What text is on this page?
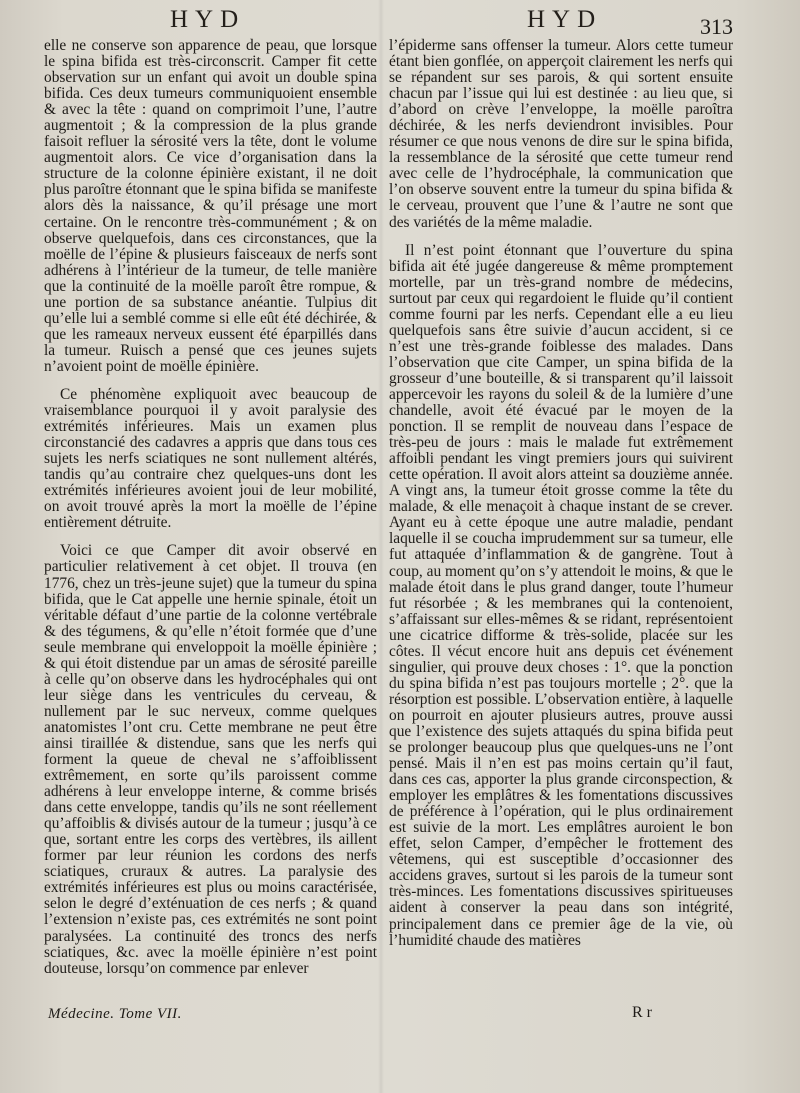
HYD	HYD	313

elle ne conserve son apparence de peau, que lorsque le spina bifida est très-circonscrit. Camper fit cette observation sur un enfant qui avoit un double spina bifida. Ces deux tumeurs communiquoient ensemble & avec la tête : quand on comprimoit l’une, l’autre augmentoit ; & la compression de la plus grande faisoit refluer la sérosité vers la tête, dont le volume augmentoit alors. Ce vice d’organisation dans la structure de la colonne épinière existant, il ne doit plus paroître étonnant que le spina bifida se manifeste alors dès la naissance, & qu’il présage une mort certaine. On le rencontre très-communément ; & on observe quelquefois, dans ces circonstances, que la moëlle de l’épine & plusieurs faisceaux de nerfs sont adhérens à l’intérieur de la tumeur, de telle manière que la continuité de la moëlle paroît être rompue, & une portion de sa substance anéantie. Tulpius dit qu’elle lui a semblé comme si elle eût été déchirée, & que les rameaux nerveux eussent été éparpillés dans la tumeur. Ruisch a pensé que ces jeunes sujets n’avoient point de moëlle épinière.

Ce phénomène expliquoit avec beaucoup de vraisemblance pourquoi il y avoit paralysie des extrémités inférieures. Mais un examen plus circonstancié des cadavres a appris que dans tous ces sujets les nerfs sciatiques ne sont nullement altérés, tandis qu’au contraire chez quelques-uns dont les extrémités inférieures avoient joui de leur mobilité, on avoit trouvé après la mort la moëlle de l’épine entièrement détruite.

Voici ce que Camper dit avoir observé en particulier relativement à cet objet. Il trouva (en 1776, chez un très-jeune sujet) que la tumeur du spina bifida, que le Cat appelle une hernie spinale, étoit un véritable défaut d’une partie de la colonne vertébrale & des tégumens, & qu’elle n’étoit formée que d’une seule membrane qui enveloppoit la moëlle épinière ; & qui étoit distendue par un amas de sérosité pareille à celle qu’on observe dans les hydrocéphales qui ont leur siège dans les ventricules du cerveau, & nullement par le suc nerveux, comme quelques anatomistes l’ont cru. Cette membrane ne peut être ainsi tiraillée & distendue, sans que les nerfs qui forment la queue de cheval ne s’affoiblissent extrêmement, en sorte qu’ils paroissent comme adhérens à leur enveloppe interne, & comme brisés dans cette enveloppe, tandis qu’ils ne sont réellement qu’affoiblis & divisés autour de la tumeur ; jusqu’à ce que, sortant entre les corps des vertèbres, ils aillent former par leur réunion les cordons des nerfs sciatiques, cruraux & autres. La paralysie des extrémités inférieures est plus ou moins caractérisée, selon le degré d’exténuation de ces nerfs ; & quand l’extension n’existe pas, ces extrémités ne sont point paralysées. La continuité des troncs des nerfs sciatiques, &c. avec la moëlle épinière n’est point douteuse, lorsqu’on commence par enlever

l’épiderme sans offenser la tumeur. Alors cette tumeur étant bien gonflée, on apperçoit clairement les nerfs qui se répandent sur ses parois, & qui sortent ensuite chacun par l’issue qui lui est destinée : au lieu que, si d’abord on crève l’enveloppe, la moëlle paroîtra déchirée, & les nerfs deviendront invisibles. Pour résumer ce que nous venons de dire sur le spina bifida, la ressemblance de la sérosité que cette tumeur rend avec celle de l’hydrocéphale, la communication que l’on observe souvent entre la tumeur du spina bifida & le cerveau, prouvent que l’une & l’autre ne sont que des variétés de la même maladie.

Il n’est point étonnant que l’ouverture du spina bifida ait été jugée dangereuse & même promptement mortelle, par un très-grand nombre de médecins, surtout par ceux qui regardoient le fluide qu’il contient comme fourni par les nerfs. Cependant elle a eu lieu quelquefois sans être suivie d’aucun accident, si ce n’est une très-grande foiblesse des malades. Dans l’observation que cite Camper, un spina bifida de la grosseur d’une bouteille, & si transparent qu’il laissoit appercevoir les rayons du soleil & de la lumière d’une chandelle, avoit été évacué par le moyen de la ponction. Il se remplit de nouveau dans l’espace de très-peu de jours : mais le malade fut extrêmement affoibli pendant les vingt premiers jours qui suivirent cette opération. Il avoit alors atteint sa douzième année. A vingt ans, la tumeur étoit grosse comme la tête du malade, & elle menaçoit à chaque instant de se crever. Ayant eu à cette époque une autre maladie, pendant laquelle il se coucha imprudemment sur sa tumeur, elle fut attaquée d’inflammation & de gangrène. Tout à coup, au moment qu’on s’y attendoit le moins, & que le malade étoit dans le plus grand danger, toute l’humeur fut résorbée ; & les membranes qui la contenoient, s’affaissant sur elles-mêmes & se ridant, représentoient une cicatrice difforme & très-solide, placée sur les côtes. Il vécut encore huit ans depuis cet événement singulier, qui prouve deux choses : 1°. que la ponction du spina bifida n’est pas toujours mortelle ; 2°. que la résorption est possible. L’observation entière, à laquelle on pourroit en ajouter plusieurs autres, prouve aussi que l’existence des sujets attaqués du spina bifida peut se prolonger beaucoup plus que quelques-uns ne l’ont pensé. Mais il n’en est pas moins certain qu’il faut, dans ces cas, apporter la plus grande circonspection, & employer les emplâtres & les fomentations discussives de préférence à l’opération, qui le plus ordinairement est suivie de la mort. Les emplâtres auroient le bon effet, selon Camper, d’empêcher le frottement des vêtemens, qui est susceptible d’occasionner des accidens graves, surtout si les parois de la tumeur sont très-minces. Les fomentations discussives spiritueuses aident à conserver la peau dans son intégrité, principalement dans ce premier âge de la vie, où l’humidité chaude des matières

Médecine. Tome VII.	R r
